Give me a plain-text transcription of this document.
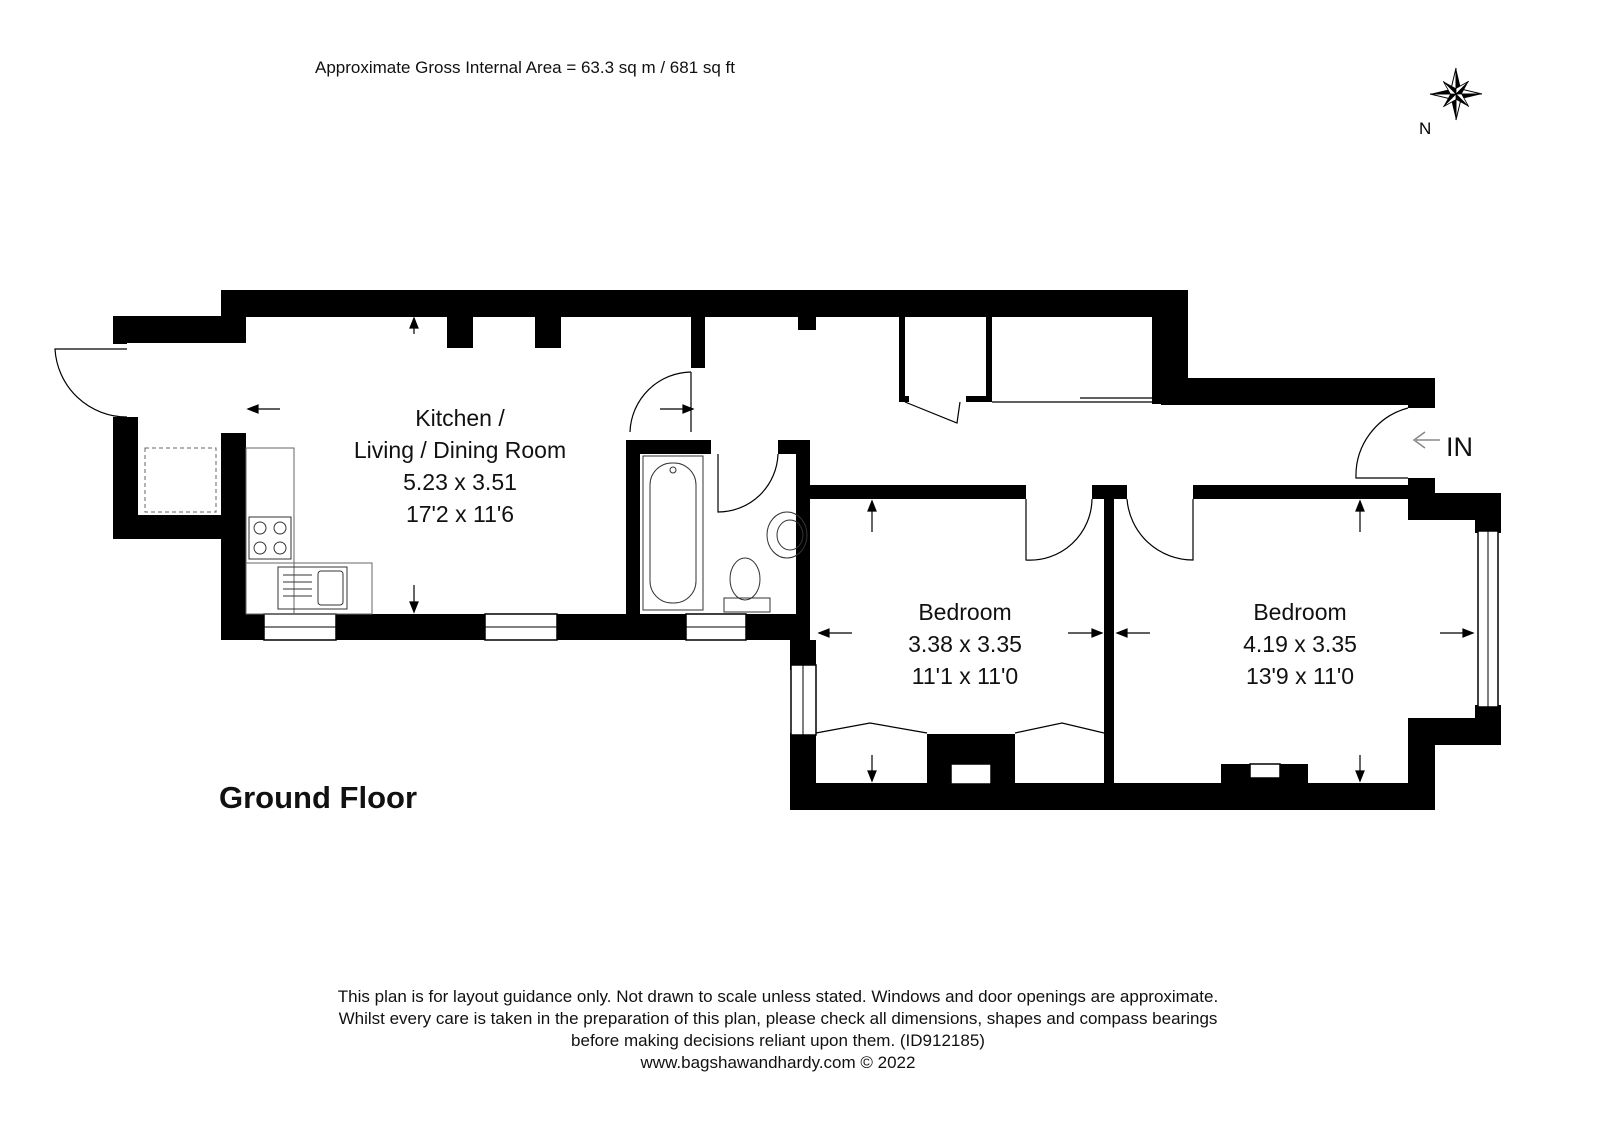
Approximate Gross Internal Area = 63.3 sq m / 681 sq ft
N
Kitchen /
Living / Dining Room
5.23 x 3.51
17'2 x 11'6
Bedroom
3.38 x 3.35
11'1 x 11'0
Bedroom
4.19 x 3.35
13'9 x 11'0
IN
Ground Floor
This plan is for layout guidance only. Not drawn to scale unless stated. Windows and door openings are approximate.
Whilst every care is taken in the preparation of this plan, please check all dimensions, shapes and compass bearings
before making decisions reliant upon them. (ID912185)
www.bagshawandhardy.com © 2022
